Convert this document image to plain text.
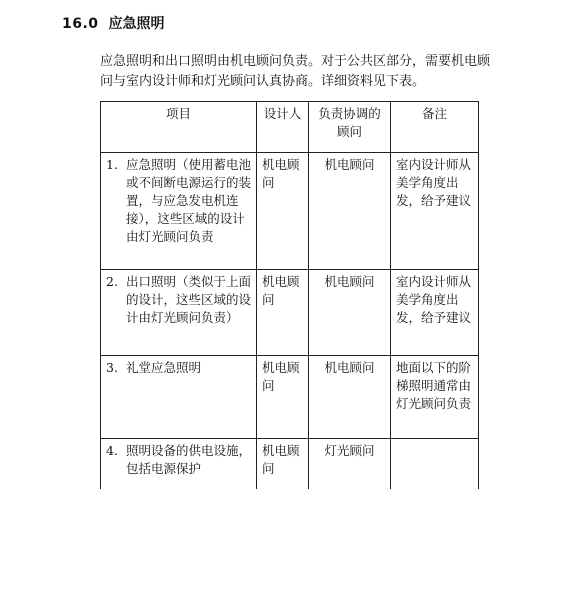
16.0 应急照明
应急照明和出口照明由机电顾问负责。对于公共区部分，需要机电顾问与室内设计师和灯光顾问认真协商。详细资料见下表。
项目	设计人	负责协调的顾问	备注

1. 应急照明（使用蓄电池或不间断电源运行的装置，与应急发电机连接），这些区域的设计由灯光顾问负责	机电顾问	机电顾问	室内设计师从美学角度出发，给予建议

2. 出口照明（类似于上面的设计，这些区域的设计由灯光顾问负责）	机电顾问	机电顾问	室内设计师从美学角度出发，给予建议

3. 礼堂应急照明	机电顾问	机电顾问	地面以下的阶梯照明通常由灯光顾问负责

4. 照明设备的供电设施，包括电源保护	机电顾问	灯光顾问	
